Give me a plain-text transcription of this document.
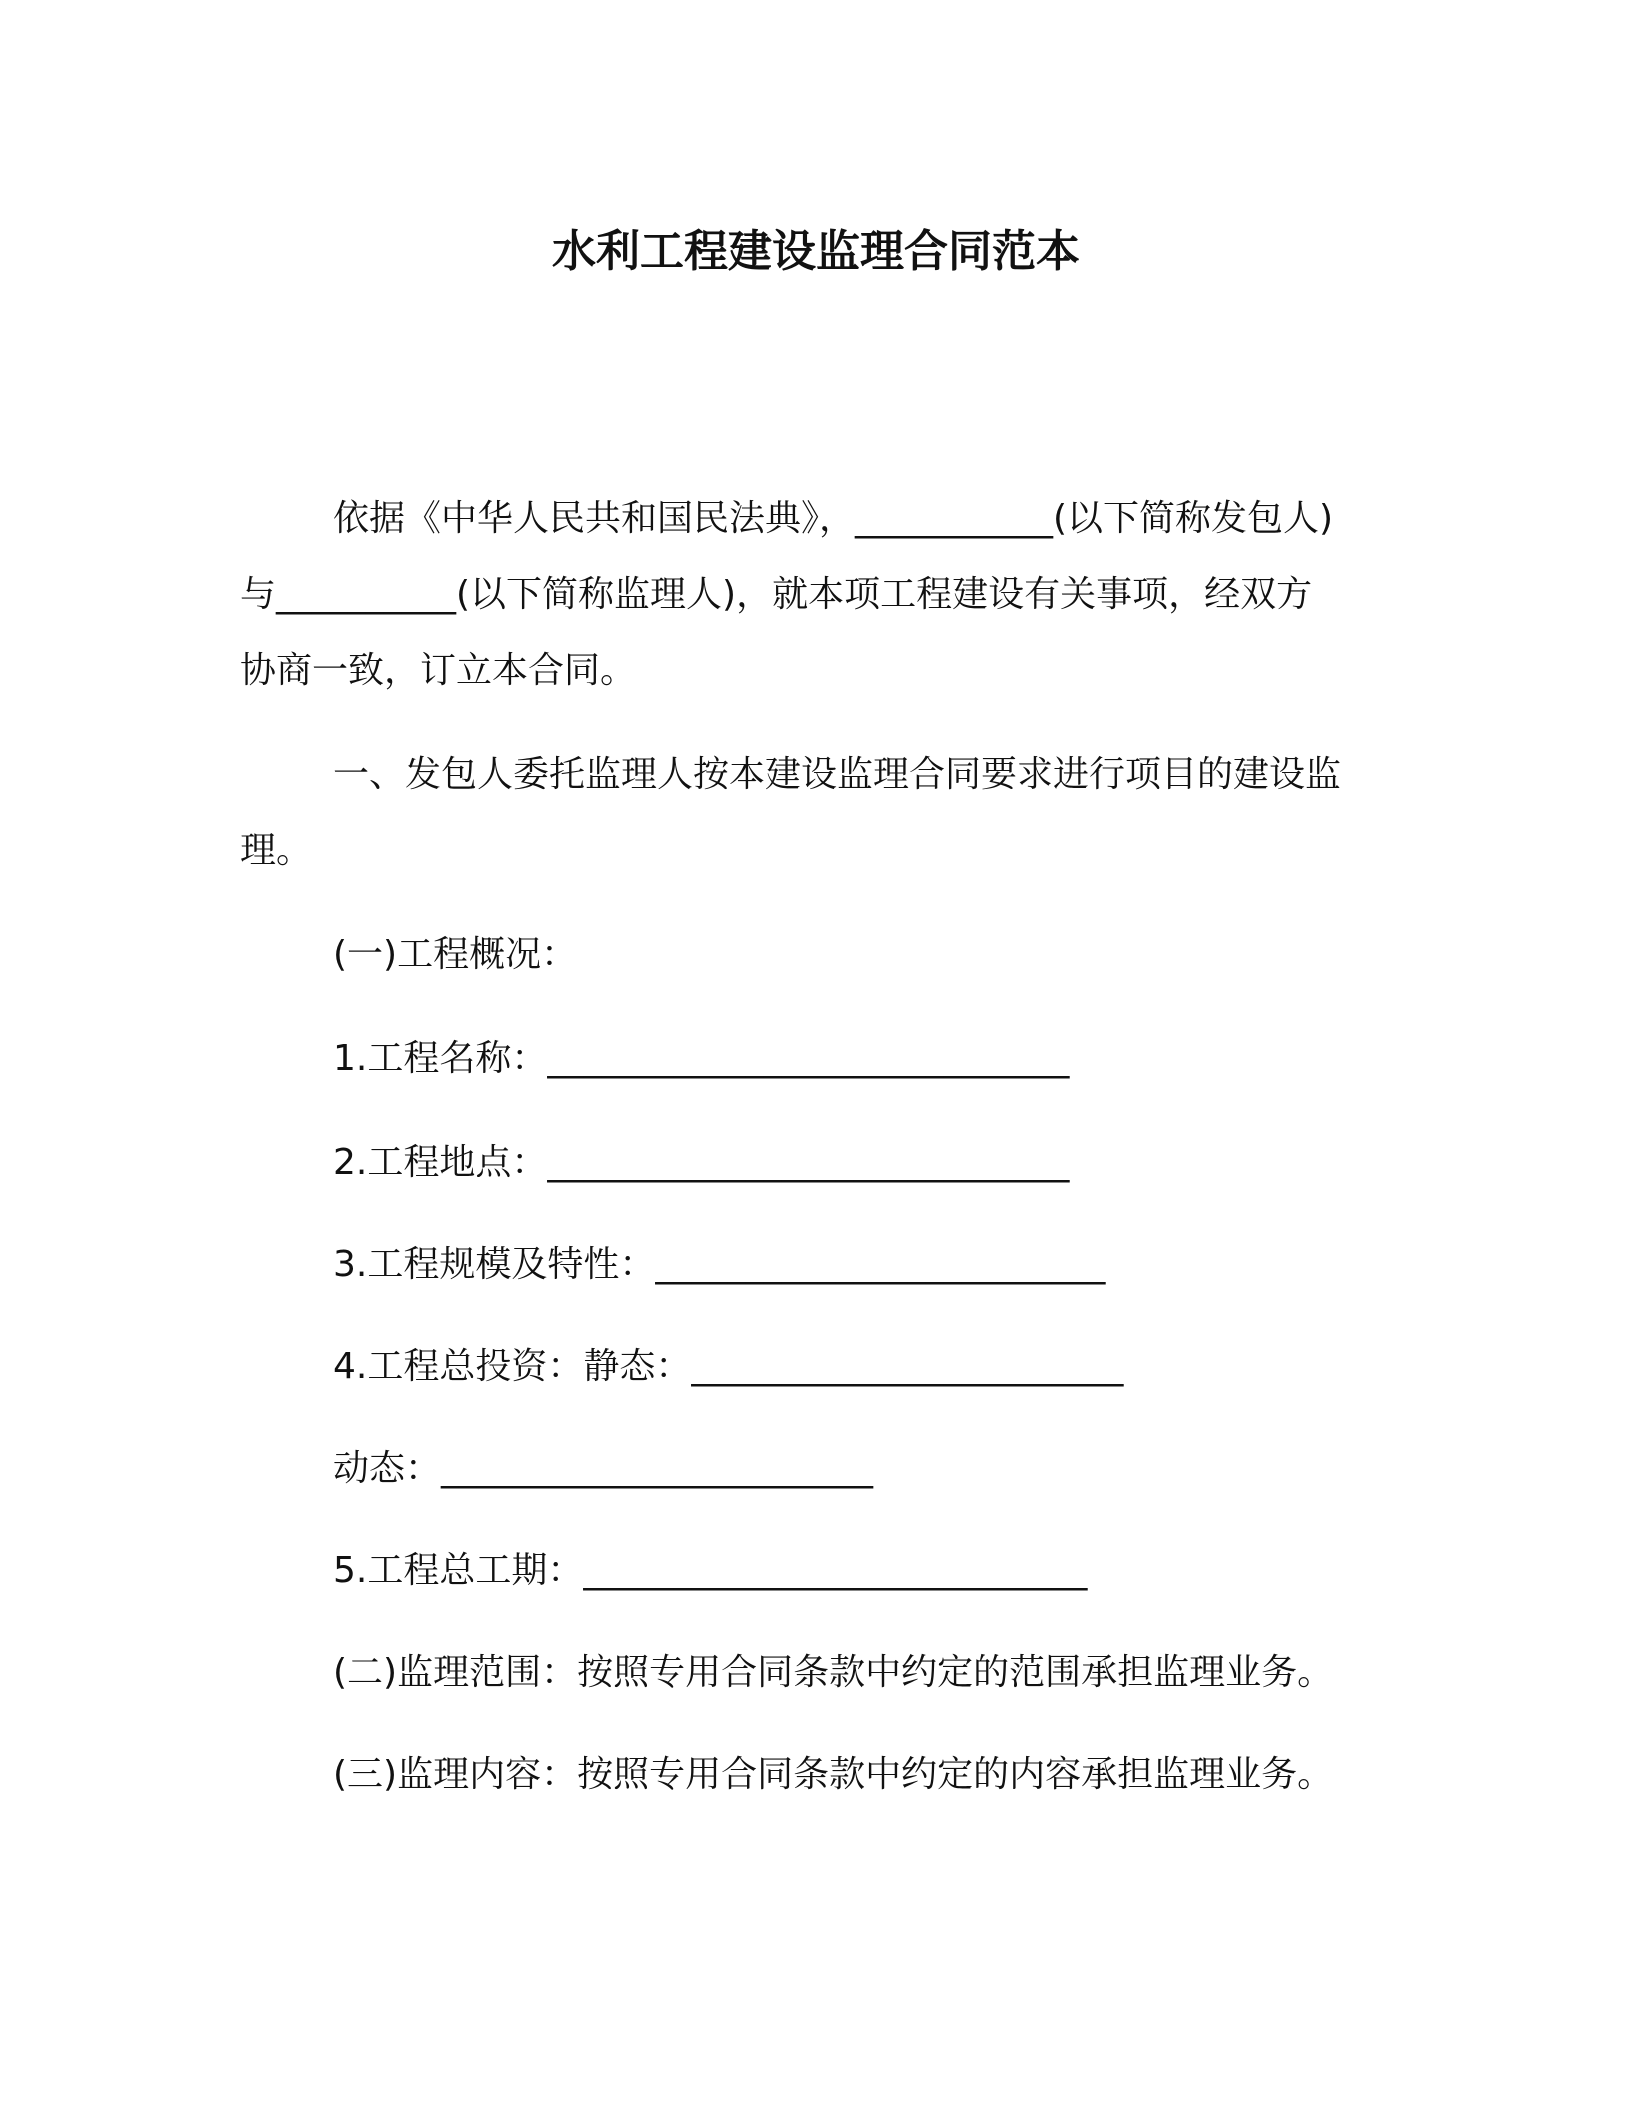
水利工程建设监理合同范本
依据《中华人民共和国民法典》，___________(以下简称发包人)
与__________(以下简称监理人)，就本项工程建设有关事项，经双方
协商一致，订立本合同。
一、发包人委托监理人按本建设监理合同要求进行项目的建设监
理。
(一)工程概况：
1.工程名称：_____________________________
2.工程地点：_____________________________
3.工程规模及特性：_________________________
4.工程总投资：静态：________________________
动态：________________________
5.工程总工期：____________________________
(二)监理范围：按照专用合同条款中约定的范围承担监理业务。
(三)监理内容：按照专用合同条款中约定的内容承担监理业务。
